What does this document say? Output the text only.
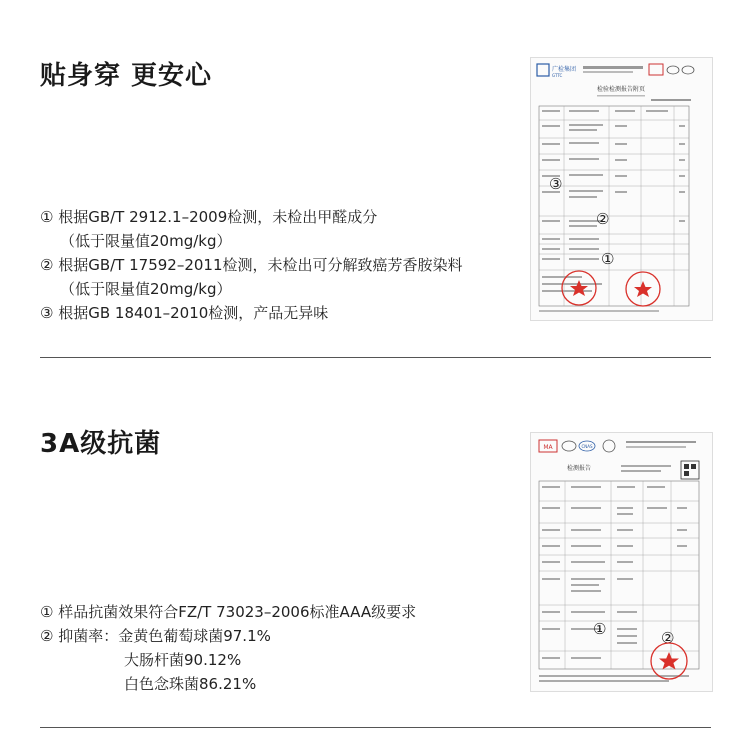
贴身穿 更安心
① 根据GB/T 2912.1–2009检测，未检出甲醛成分
（低于限量值20mg/kg）
② 根据GB/T 17592–2011检测，未检出可分解致癌芳香胺染料
（低于限量值20mg/kg）
③ 根据GB 18401–2010检测，产品无异味
广检集团
GTTC
检验检测报告附页
③
②
①
3A级抗菌
① 样品抗菌效果符合FZ/T 73023–2006标准AAA级要求
② 抑菌率：金黄色葡萄球菌97.1%
大肠杆菌90.12%
白色念珠菌86.21%
MA	CNAS
检测报告
①	②
